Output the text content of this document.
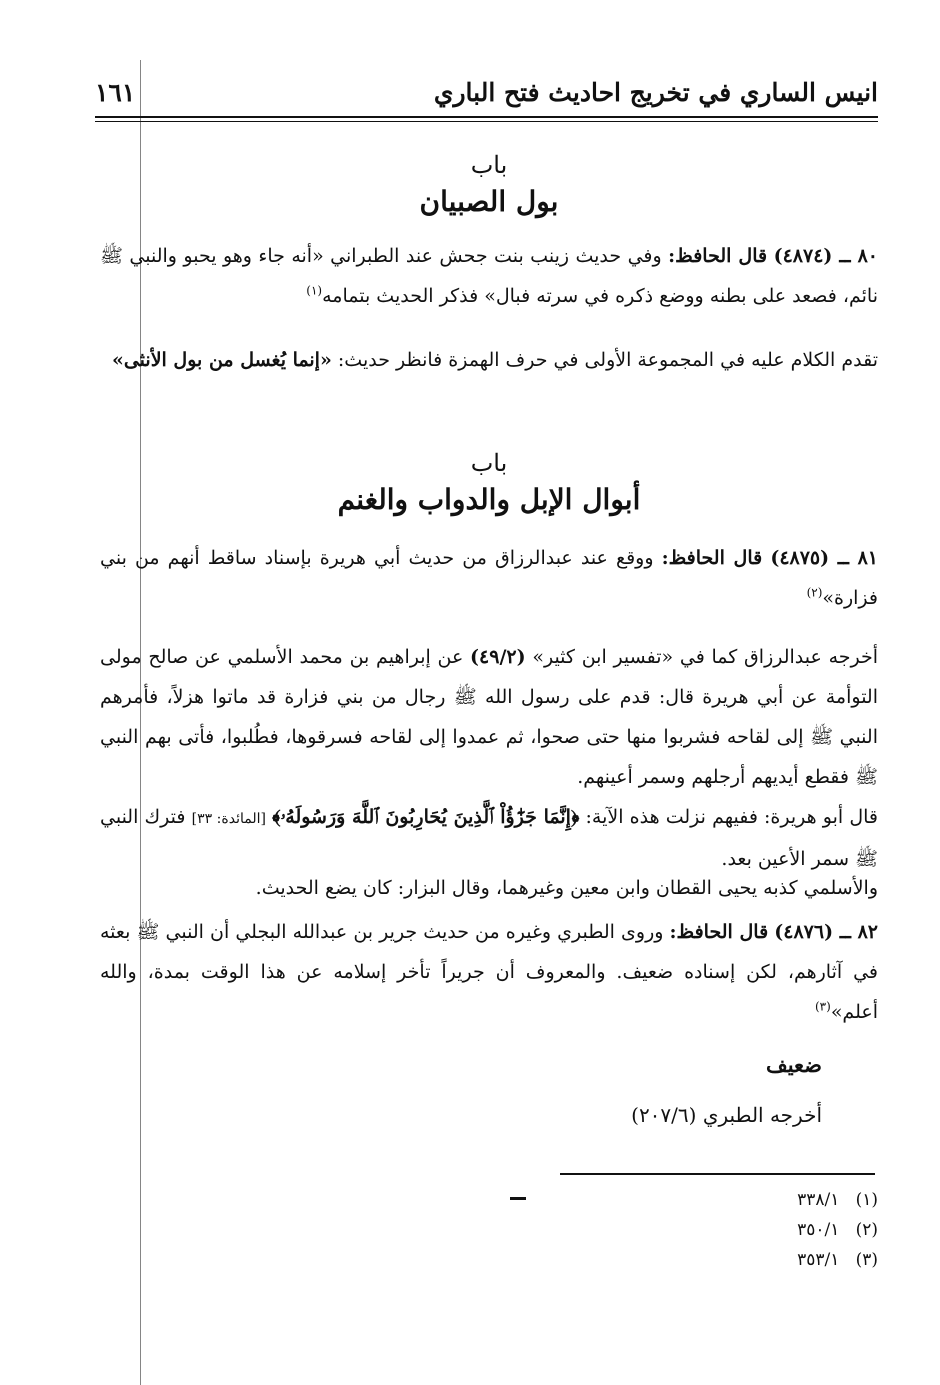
انيس الساري في تخريج احاديث فتح الباري
١٦١
باب
بول الصبيان
٨٠ ــ (٤٨٧٤) قال الحافظ: وفي حديث زينب بنت جحش عند الطبراني «أنه جاء وهو يحبو والنبي ﷺ نائم، فصعد على بطنه ووضع ذكره في سرته فبال» فذكر الحديث بتمامه$^{(١)}$
تقدم الكلام عليه في المجموعة الأولى في حرف الهمزة فانظر حديث: «إنما يُغسل من بول الأنثى»
باب
أبوال الإبل والدواب والغنم
٨١ ــ (٤٨٧٥) قال الحافظ: ووقع عند عبدالرزاق من حديث أبي هريرة بإسناد ساقط أنهم من بني فزارة»$^{(٢)}$
أخرجه عبدالرزاق كما في «تفسير ابن كثير» (٤٩/٢) عن إبراهيم بن محمد الأسلمي عن صالح مولى التوأمة عن أبي هريرة قال: قدم على رسول الله ﷺ رجال من بني فزارة قد ماتوا هزلاً، فأمرهم النبي ﷺ إلى لقاحه فشربوا منها حتى صحوا، ثم عمدوا إلى لقاحه فسرقوها، فطُلبوا، فأتى بهم النبي ﷺ فقطع أيديهم أرجلهم وسمر أعينهم.
قال أبو هريرة: ففيهم نزلت هذه الآية: ﴿إِنَّمَا جَزَٰٓؤُاْ ٱلَّذِينَ يُحَارِبُونَ ٱللَّهَ وَرَسُولَهُۥ﴾ [المائدة: ٣٣] فترك النبي ﷺ سمر الأعين بعد.
والأسلمي كذبه يحيى القطان وابن معين وغيرهما، وقال البزار: كان يضع الحديث.
٨٢ ــ (٤٨٧٦) قال الحافظ: وروى الطبري وغيره من حديث جرير بن عبدالله البجلي أن النبي ﷺ بعثه في آثارهم، لكن إسناده ضعيف. والمعروف أن جريراً تأخر إسلامه عن هذا الوقت بمدة، والله أعلم»$^{(٣)}$
ضعيف
أخرجه الطبري (٢٠٧/٦)
(١)   ٣٣٨/١
(٢)   ٣٥٠/١
(٣)   ٣٥٣/١
